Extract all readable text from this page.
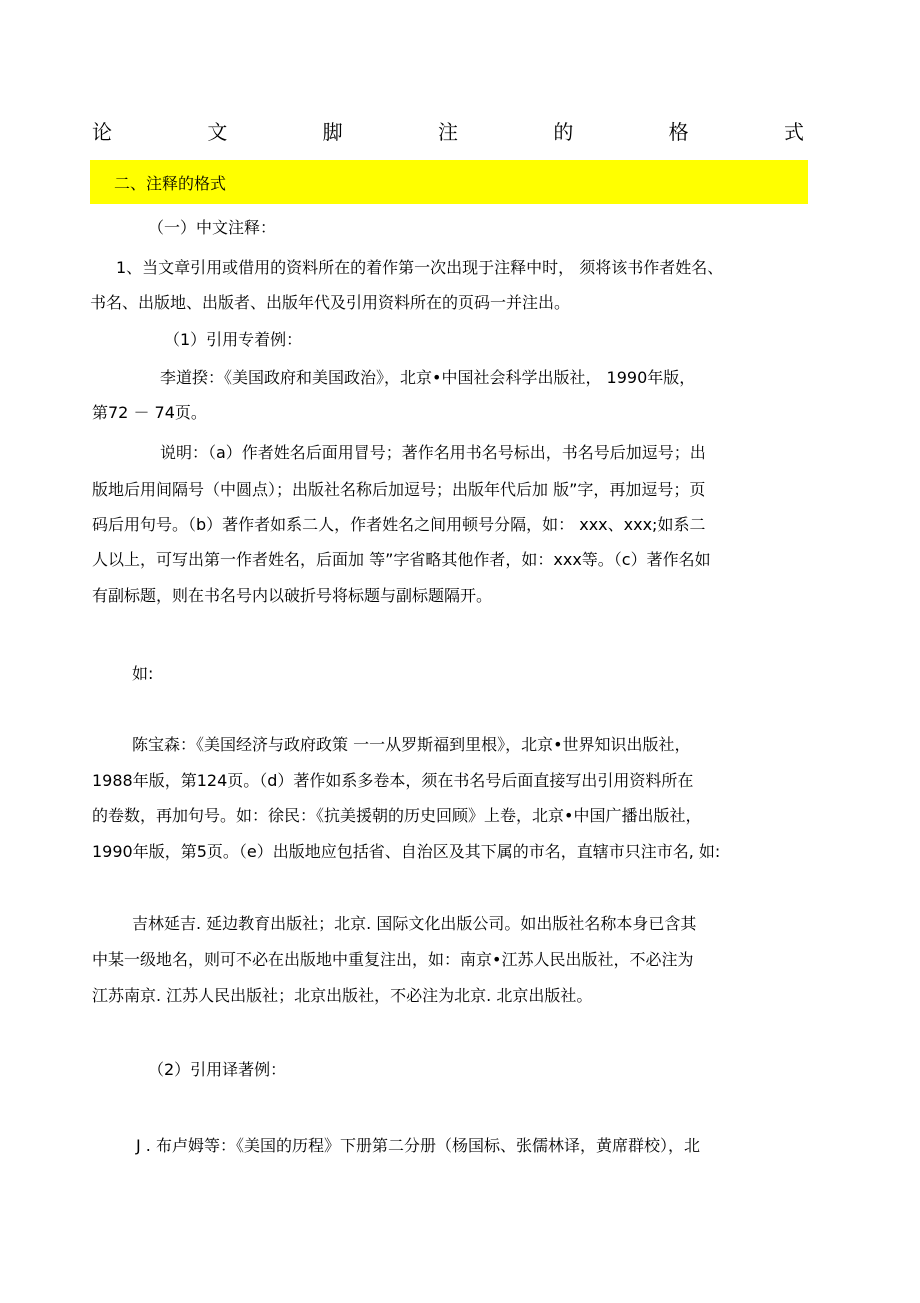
论	文	脚	注	的	格	式
二、注释的格式
（一）中文注释：
1、当文章引用或借用的资料所在的着作第一次出现于注释中时， 须将该书作者姓名、
书名、出版地、出版者、出版年代及引用资料所在的页码一并注出。
（1）引用专着例：
李道揆：《美国政府和美国政治》，北京•中国社会科学出版社， 1990年版，
第72 － 74页。
说明：（a）作者姓名后面用冒号；著作名用书名号标出，书名号后加逗号；出
版地后用间隔号（中圆点）；出版社名称后加逗号；出版年代后加 版”字，再加逗号；页
码后用句号。（b）著作者如系二人，作者姓名之间用顿号分隔，如： xxx、xxx;如系二
人以上，可写出第一作者姓名，后面加 等”字省略其他作者，如：xxx等。（c）著作名如
有副标题，则在书名号内以破折号将标题与副标题隔开。
如:
陈宝森：《美国经济与政府政策 一一从罗斯福到里根》，北京•世界知识出版社，
1988年版，第124页。（d）著作如系多卷本，须在书名号后面直接写出引用资料所在
的卷数，再加句号。如：徐民：《抗美援朝的历史回顾》上卷，北京•中国广播出版社，
1990年版，第5页。（e）出版地应包括省、自治区及其下属的市名，直辖市只注市名, 如:
吉林延吉. 延边教育出版社；北京. 国际文化出版公司。如出版社名称本身已含其
中某一级地名，则可不必在出版地中重复注出，如：南京•江苏人民出版社，不必注为
江苏南京. 江苏人民出版社；北京出版社，不必注为北京. 北京出版社。
（2）引用译著例：
J . 布卢姆等：《美国的历程》下册第二分册（杨国标、张儒林译，黄席群校），北
